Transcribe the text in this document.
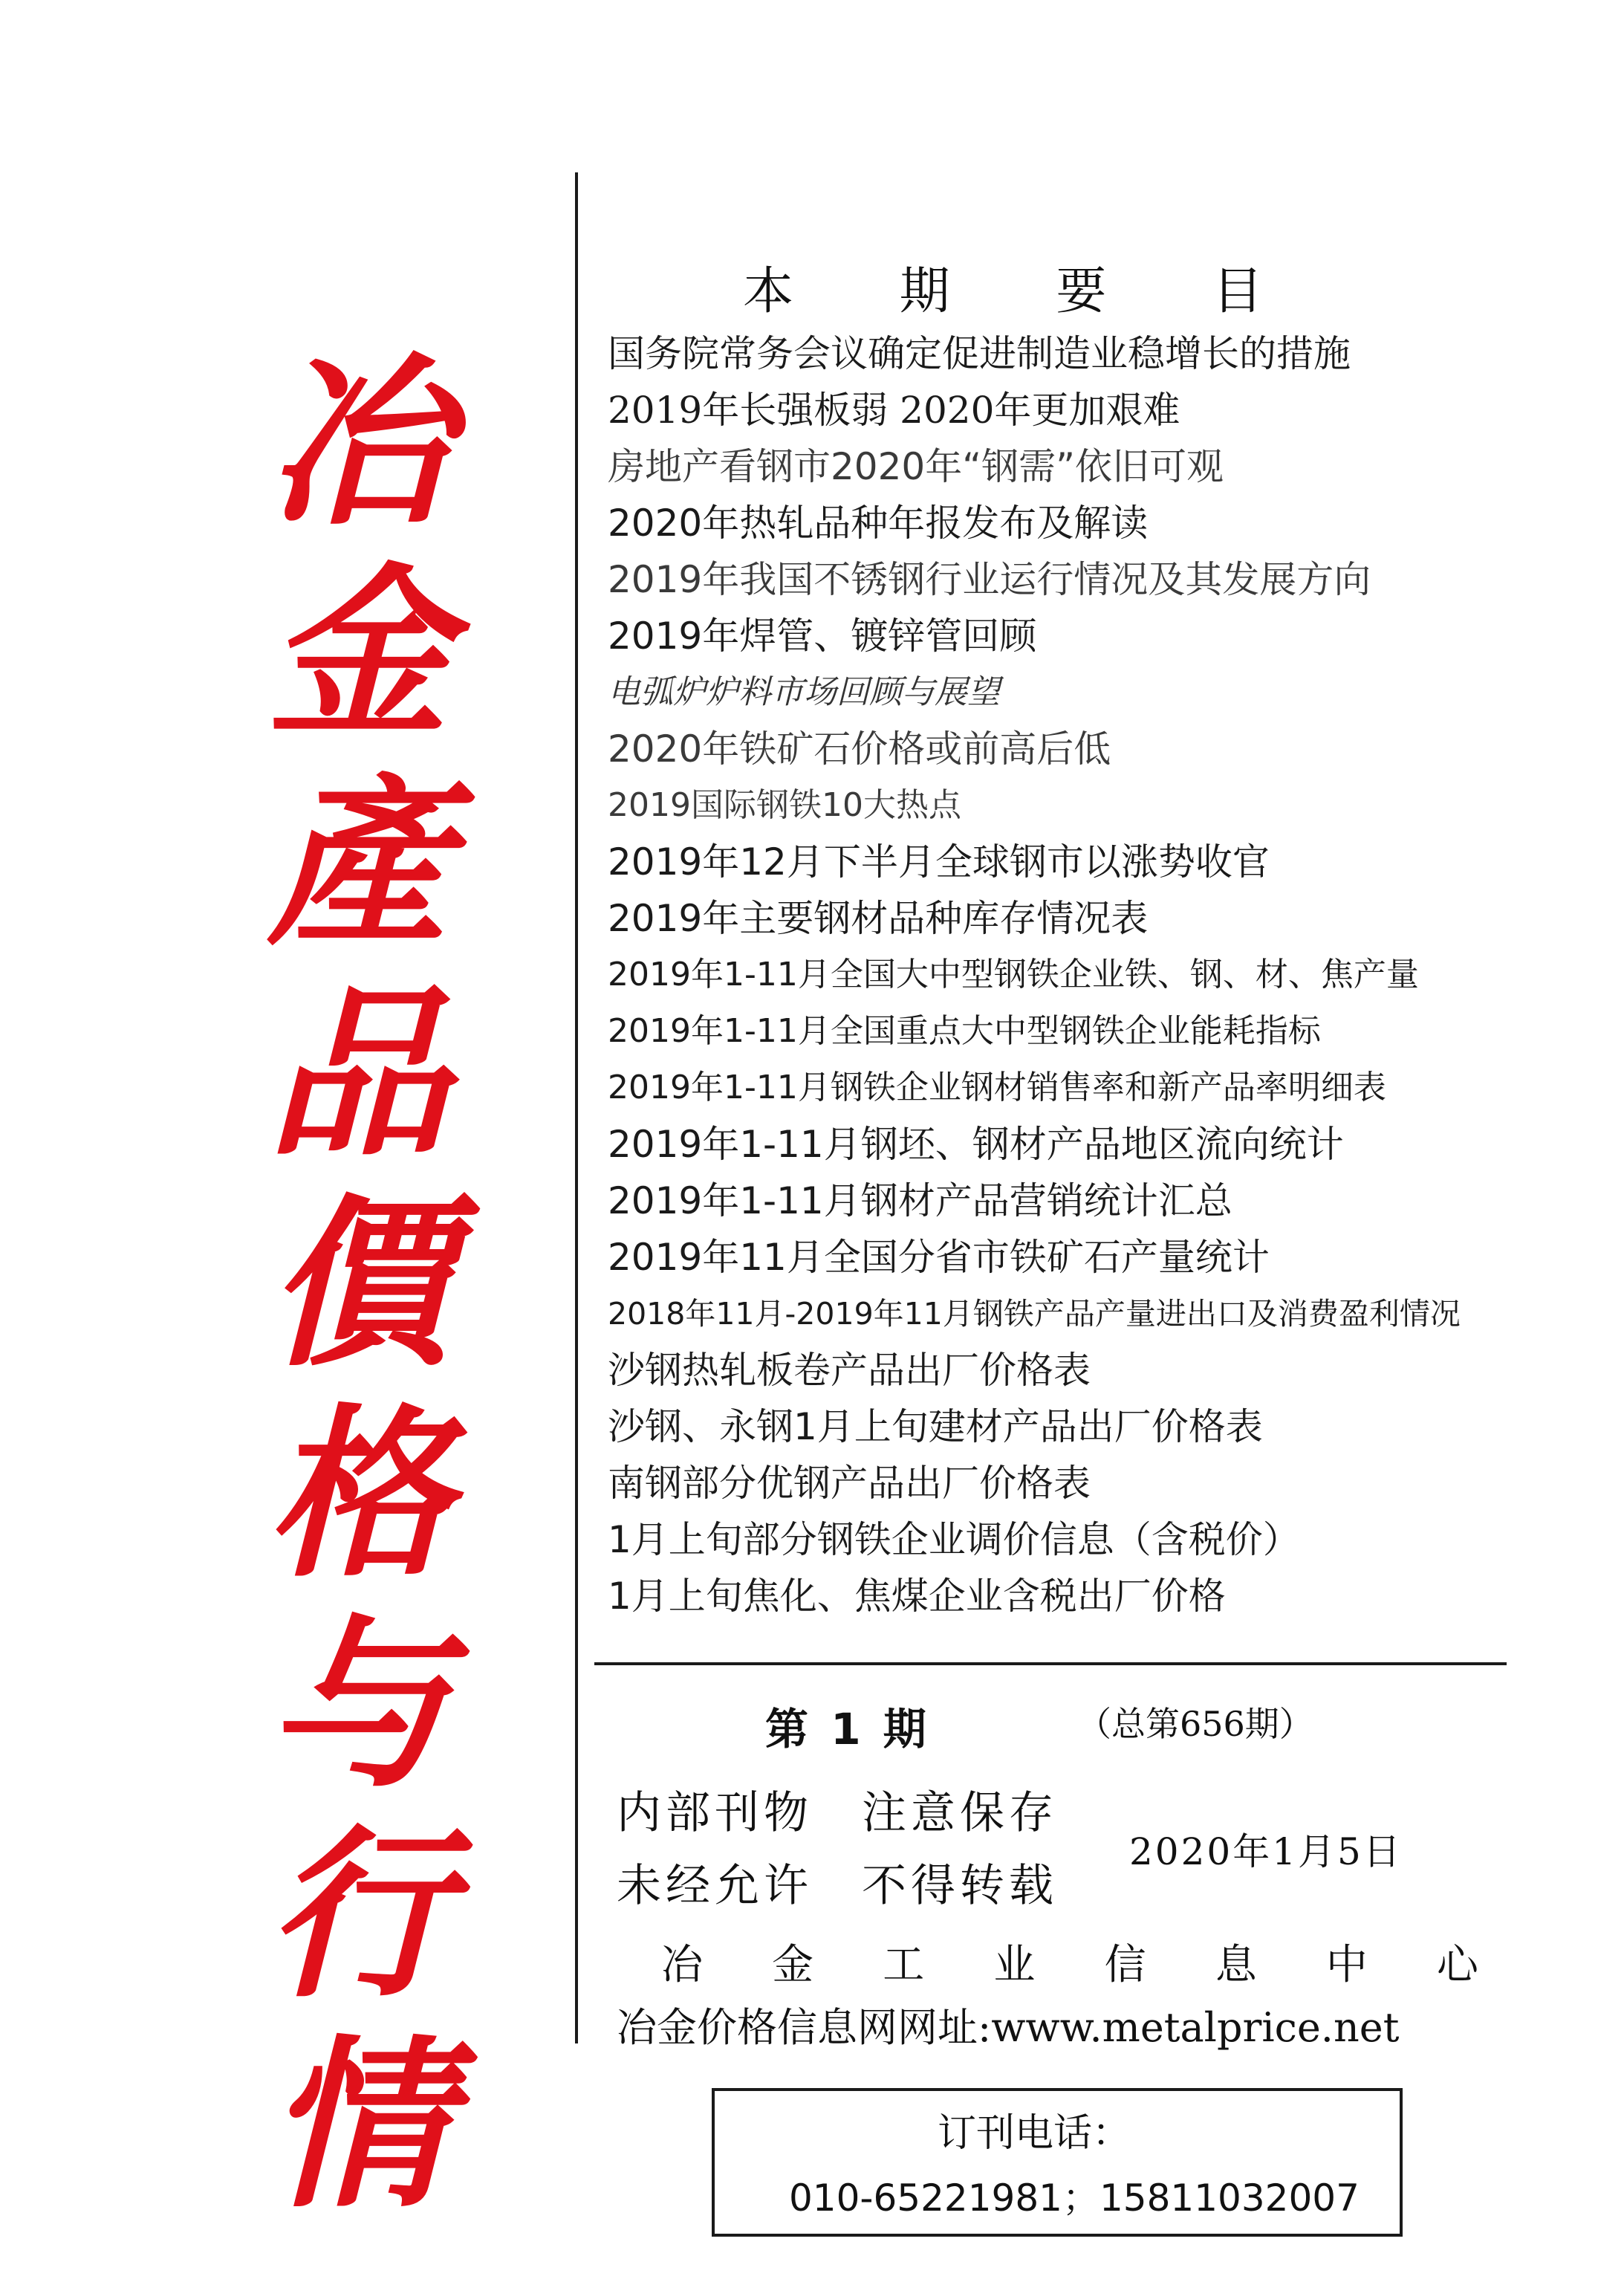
冶
金
產
品
價
格
与
行
情
本 期 要 目
国务院常务会议确定促进制造业稳增长的措施
2019年长强板弱 2020年更加艰难
房地产看钢市2020年“钢需”依旧可观
2020年热轧品种年报发布及解读
2019年我国不锈钢行业运行情况及其发展方向
2019年焊管、镀锌管回顾
电弧炉炉料市场回顾与展望
2020年铁矿石价格或前高后低
2019国际钢铁10大热点
2019年12月下半月全球钢市以涨势收官
2019年主要钢材品种库存情况表
2019年1-11月全国大中型钢铁企业铁、钢、材、焦产量
2019年1-11月全国重点大中型钢铁企业能耗指标
2019年1-11月钢铁企业钢材销售率和新产品率明细表
2019年1-11月钢坯、钢材产品地区流向统计
2019年1-11月钢材产品营销统计汇总
2019年11月全国分省市铁矿石产量统计
2018年11月-2019年11月钢铁产品产量进出口及消费盈利情况
沙钢热轧板卷产品出厂价格表
沙钢、永钢1月上旬建材产品出厂价格表
南钢部分优钢产品出厂价格表
1月上旬部分钢铁企业调价信息（含税价）
1月上旬焦化、焦煤企业含税出厂价格
第 1 期	（总第656期）
内部刊物　注意保存
未经允许　不得转载
2020年1月5日
冶 金 工 业 信 息 中 心
冶金价格信息网网址:www.metalprice.net
订刊电话：
010-65221981；15811032007
